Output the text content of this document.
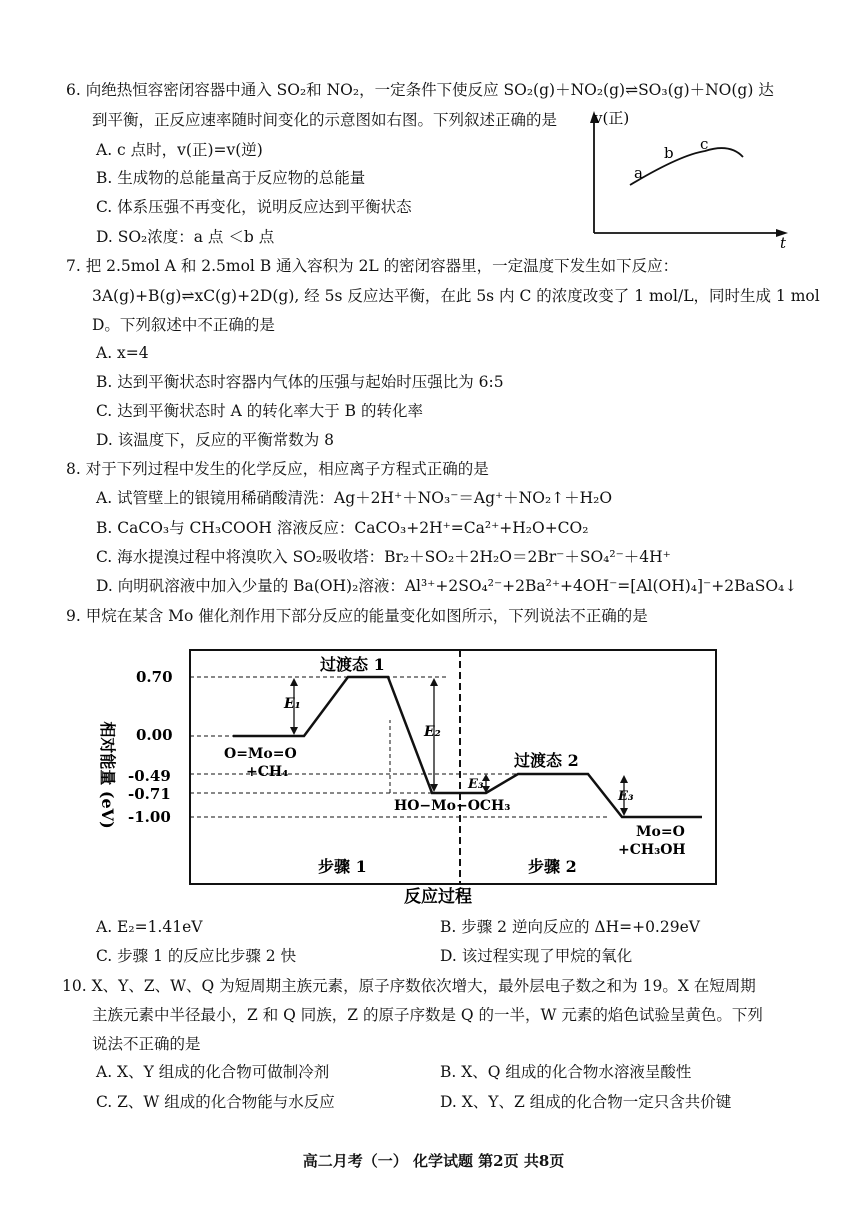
6. 向绝热恒容密闭容器中通入 SO₂和 NO₂，一定条件下使反应 SO₂(g)＋NO₂(g)⇌SO₃(g)＋NO(g) 达
到平衡，正反应速率随时间变化的示意图如右图。下列叙述正确的是
A. c 点时，v(正)=v(逆)
B. 生成物的总能量高于反应物的总能量
C. 体系压强不再变化，说明反应达到平衡状态
D. SO₂浓度：a 点 ＜b 点
v(正)
t
a
b c
7. 把 2.5mol A 和 2.5mol B 通入容积为 2L 的密闭容器里，一定温度下发生如下反应：
3A(g)+B(g)⇌xC(g)+2D(g), 经 5s 反应达平衡，在此 5s 内 C 的浓度改变了 1 mol/L，同时生成 1 mol
D。下列叙述中不正确的是
A. x=4
B. 达到平衡状态时容器内气体的压强与起始时压强比为 6:5
C. 达到平衡状态时 A 的转化率大于 B 的转化率
D. 该温度下，反应的平衡常数为 8
8. 对于下列过程中发生的化学反应，相应离子方程式正确的是
A. 试管壁上的银镜用稀硝酸清洗：Ag＋2H⁺＋NO₃⁻＝Ag⁺＋NO₂↑＋H₂O
B. CaCO₃与 CH₃COOH 溶液反应：CaCO₃+2H⁺=Ca²⁺+H₂O+CO₂
C. 海水提溴过程中将溴吹入 SO₂吸收塔：Br₂＋SO₂＋2H₂O＝2Br⁻＋SO₄²⁻＋4H⁺
D. 向明矾溶液中加入少量的 Ba(OH)₂溶液：Al³⁺+2SO₄²⁻+2Ba²⁺+4OH⁻=[Al(OH)₄]⁻+2BaSO₄↓
9. 甲烷在某含 Mo 催化剂作用下部分反应的能量变化如图所示，下列说法不正确的是
0.70
0.00
-0.49
-0.71
-1.00
相对能量 (eV)
E₁
E₂
E₃
E₃
过渡态 1
过渡态 2
O=Mo=O
+CH₄
HO−Mo−OCH₃
Mo=O
+CH₃OH
步骤 1	步骤 2
反应过程
A. E₂=1.41eV	B. 步骤 2 逆向反应的 ΔH=+0.29eV
C. 步骤 1 的反应比步骤 2 快	D. 该过程实现了甲烷的氧化
10. X、Y、Z、W、Q 为短周期主族元素，原子序数依次增大，最外层电子数之和为 19。X 在短周期
主族元素中半径最小，Z 和 Q 同族，Z 的原子序数是 Q 的一半，W 元素的焰色试验呈黄色。下列
说法不正确的是
A. X、Y 组成的化合物可做制冷剂	B. X、Q 组成的化合物水溶液呈酸性
C. Z、W 组成的化合物能与水反应	D. X、Y、Z 组成的化合物一定只含共价键
高二月考（一） 化学试题 第2页 共8页
